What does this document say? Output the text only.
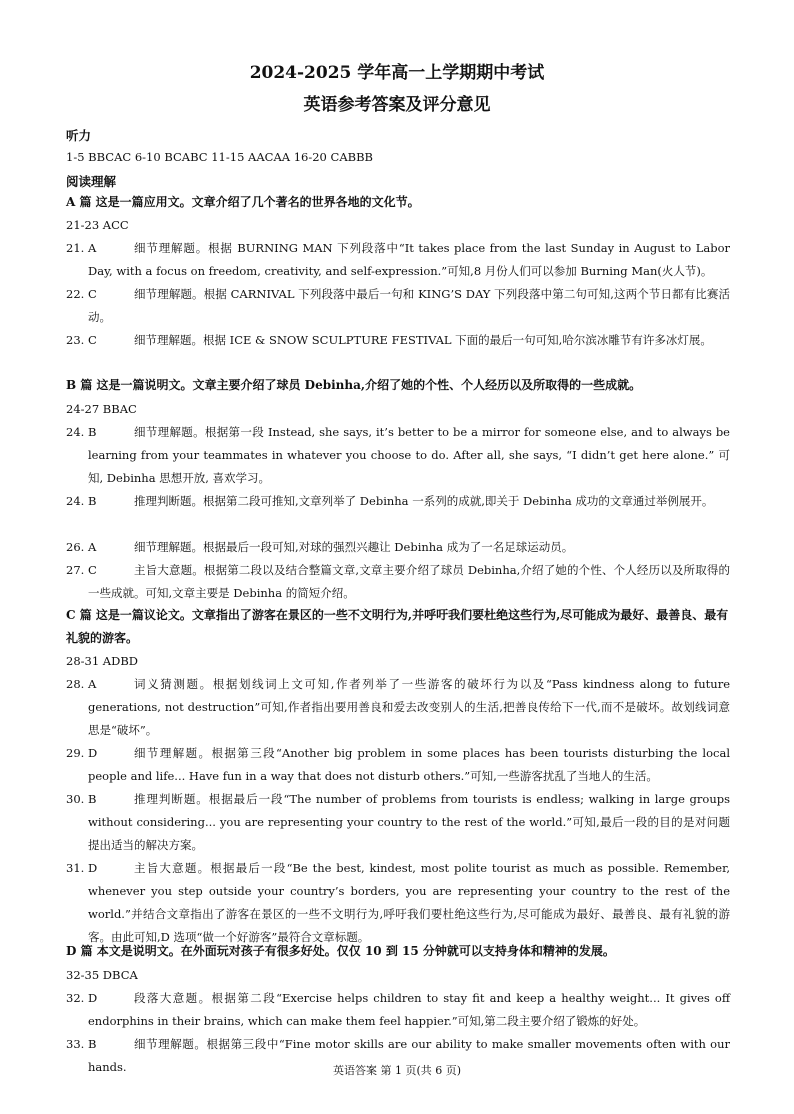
2024-2025 学年高一上学期期中考试
英语参考答案及评分意见
听力
1-5 BBCAC 6-10 BCABC 11-15 AACAA 16-20 CABBB
阅读理解
A 篇 这是一篇应用文。文章介绍了几个著名的世界各地的文化节。
21-23 ACC
21. A	细节理解题。根据 BURNING MAN 下列段落中“It takes place from the last Sunday in August to Labor Day, with a focus on freedom, creativity, and self-expression.”可知,8 月份人们可以参加 Burning Man(火人节)。
22. C	细节理解题。根据 CARNIVAL 下列段落中最后一句和 KING’S DAY 下列段落中第二句可知,这两个节日都有比赛活动。
23. C	细节理解题。根据 ICE & SNOW SCULPTURE FESTIVAL 下面的最后一句可知,哈尔滨冰雕节有许多冰灯展。
B 篇 这是一篇说明文。文章主要介绍了球员 Debinha,介绍了她的个性、个人经历以及所取得的一些成就。
24-27 BBAC
24. B	细节理解题。根据第一段 Instead, she says, it’s better to be a mirror for someone else, and to always be learning from your teammates in whatever you choose to do. After all, she says, “I didn’t get here alone.” 可知, Debinha 思想开放, 喜欢学习。
24. B	推理判断题。根据第二段可推知,文章列举了 Debinha 一系列的成就,即关于 Debinha 成功的文章通过举例展开。
26. A	细节理解题。根据最后一段可知,对球的强烈兴趣让 Debinha 成为了一名足球运动员。
27. C	主旨大意题。根据第二段以及结合整篇文章,文章主要介绍了球员 Debinha,介绍了她的个性、个人经历以及所取得的一些成就。可知,文章主要是 Debinha 的简短介绍。
C 篇 这是一篇议论文。文章指出了游客在景区的一些不文明行为,并呼吁我们要杜绝这些行为,尽可能成为最好、最善良、最有礼貌的游客。
28-31 ADBD
28. A	词义猜测题。根据划线词上文可知,作者列举了一些游客的破坏行为以及“Pass kindness along to future generations, not destruction”可知,作者指出要用善良和爱去改变别人的生活,把善良传给下一代,而不是破坏。故划线词意思是“破坏”。
29. D	细节理解题。根据第三段“Another big problem in some places has been tourists disturbing the local people and life... Have fun in a way that does not disturb others.”可知,一些游客扰乱了当地人的生活。
30. B	推理判断题。根据最后一段“The number of problems from tourists is endless; walking in large groups without considering... you are representing your country to the rest of the world.”可知,最后一段的目的是对问题提出适当的解决方案。
31. D	主旨大意题。根据最后一段“Be the best, kindest, most polite tourist as much as possible. Remember, whenever you step outside your country’s borders, you are representing your country to the rest of the world.”并结合文章指出了游客在景区的一些不文明行为,呼吁我们要杜绝这些行为,尽可能成为最好、最善良、最有礼貌的游客。由此可知,D 选项“做一个好游客”最符合文章标题。
D 篇 本文是说明文。在外面玩对孩子有很多好处。仅仅 10 到 15 分钟就可以支持身体和精神的发展。
32-35 DBCA
32. D	段落大意题。根据第二段“Exercise helps children to stay fit and keep a healthy weight... It gives off endorphins in their brains, which can make them feel happier.”可知,第二段主要介绍了锻炼的好处。
33. B	细节理解题。根据第三段中“Fine motor skills are our ability to make smaller movements often with our hands.	英语答案 第 1 页(共 6 页)
